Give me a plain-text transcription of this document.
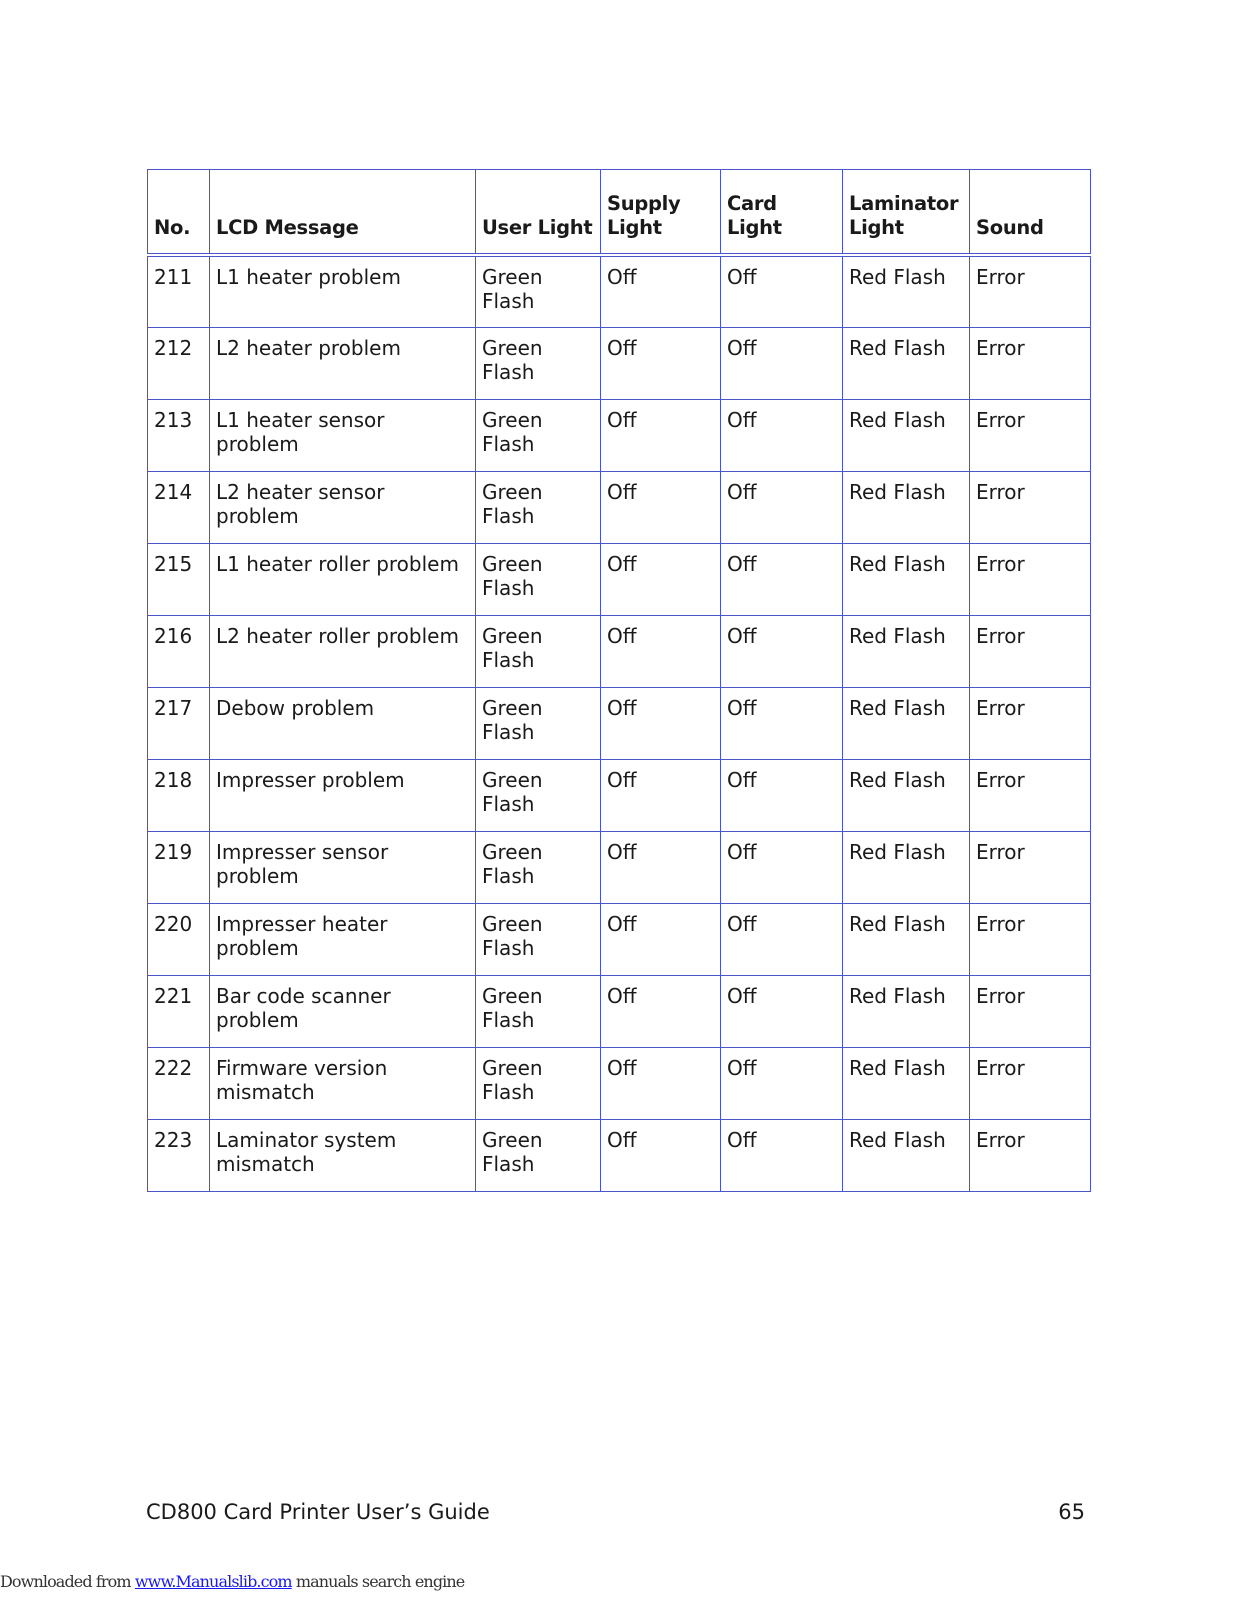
No.	LCD Message	User Light	Supply Light	Card Light	Laminator Light	Sound
211	L1 heater problem	Green Flash	Off	Off	Red Flash	Error
212	L2 heater problem	Green Flash	Off	Off	Red Flash	Error
213	L1 heater sensor problem	Green Flash	Off	Off	Red Flash	Error
214	L2 heater sensor problem	Green Flash	Off	Off	Red Flash	Error
215	L1 heater roller problem	Green Flash	Off	Off	Red Flash	Error
216	L2 heater roller problem	Green Flash	Off	Off	Red Flash	Error
217	Debow problem	Green Flash	Off	Off	Red Flash	Error
218	Impresser problem	Green Flash	Off	Off	Red Flash	Error
219	Impresser sensor problem	Green Flash	Off	Off	Red Flash	Error
220	Impresser heater problem	Green Flash	Off	Off	Red Flash	Error
221	Bar code scanner problem	Green Flash	Off	Off	Red Flash	Error
222	Firmware version mismatch	Green Flash	Off	Off	Red Flash	Error
223	Laminator system mismatch	Green Flash	Off	Off	Red Flash	Error
CD800 Card Printer User’s Guide	65
Downloaded from www.Manualslib.com manuals search engine
